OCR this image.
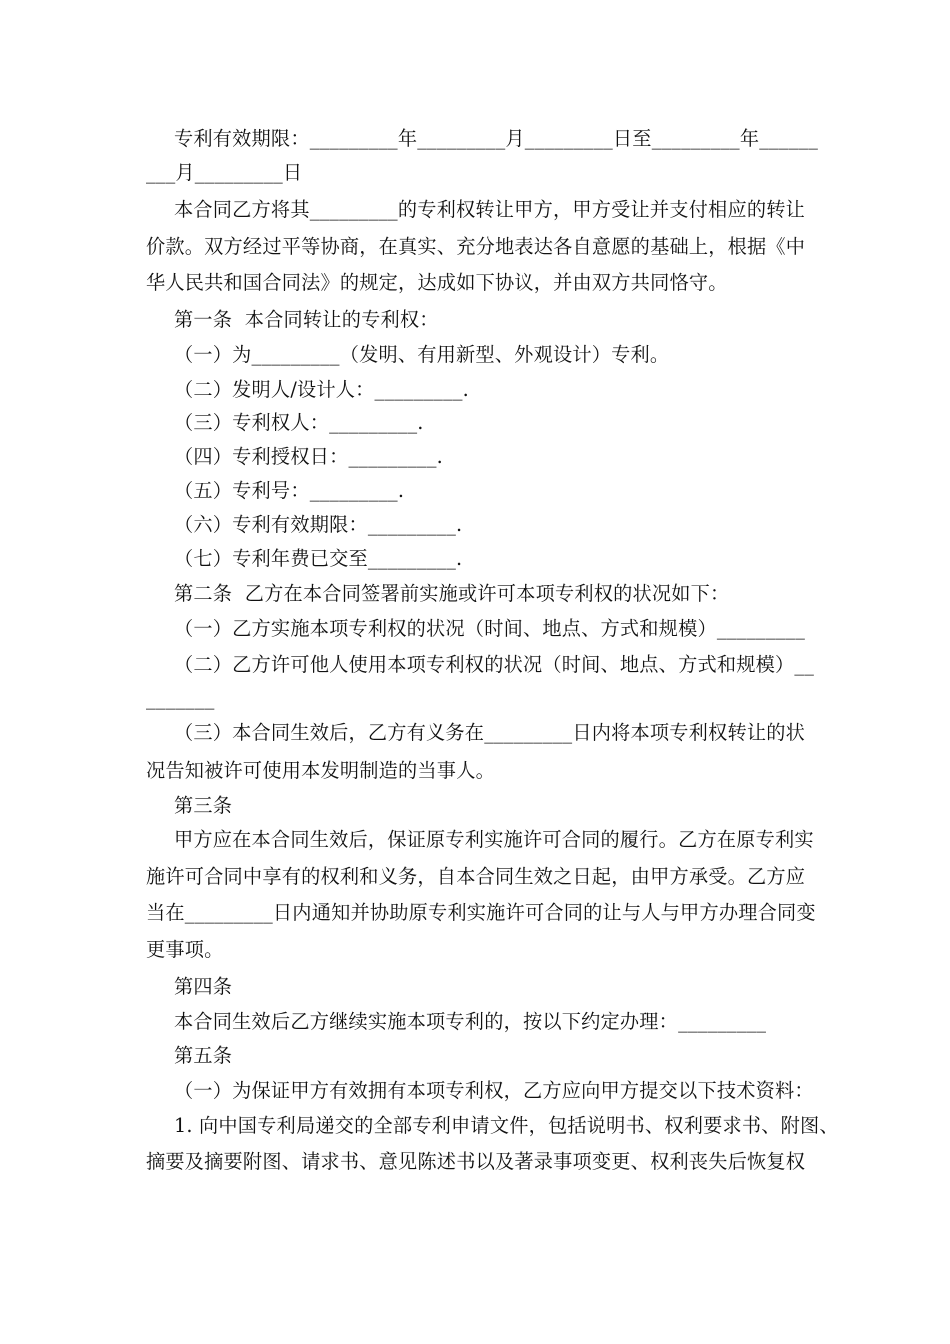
专利有效期限：_________年_________月_________日至_________年______
___月_________日
本合同乙方将其_________的专利权转让甲方，甲方受让并支付相应的转让
价款。双方经过平等协商，在真实、充分地表达各自意愿的基础上，根据《中
华人民共和国合同法》的规定，达成如下协议，并由双方共同恪守。
第一条  本合同转让的专利权：
（一）为_________（发明、有用新型、外观设计）专利。
（二）发明人/设计人：_________.
（三）专利权人：_________.
（四）专利授权日：_________.
（五）专利号：_________.
（六）专利有效期限：_________.
（七）专利年费已交至_________.
第二条  乙方在本合同签署前实施或许可本项专利权的状况如下：
（一）乙方实施本项专利权的状况（时间、地点、方式和规模）_________
（二）乙方许可他人使用本项专利权的状况（时间、地点、方式和规模）__
_______
（三）本合同生效后，乙方有义务在_________日内将本项专利权转让的状
况告知被许可使用本发明制造的当事人。
第三条
甲方应在本合同生效后，保证原专利实施许可合同的履行。乙方在原专利实
施许可合同中享有的权利和义务，自本合同生效之日起，由甲方承受。乙方应
当在_________日内通知并协助原专利实施许可合同的让与人与甲方办理合同变
更事项。
第四条
本合同生效后乙方继续实施本项专利的，按以下约定办理：_________
第五条
（一）为保证甲方有效拥有本项专利权，乙方应向甲方提交以下技术资料：
1. 向中国专利局递交的全部专利申请文件，包括说明书、权利要求书、附图、
摘要及摘要附图、请求书、意见陈述书以及著录事项变更、权利丧失后恢复权
